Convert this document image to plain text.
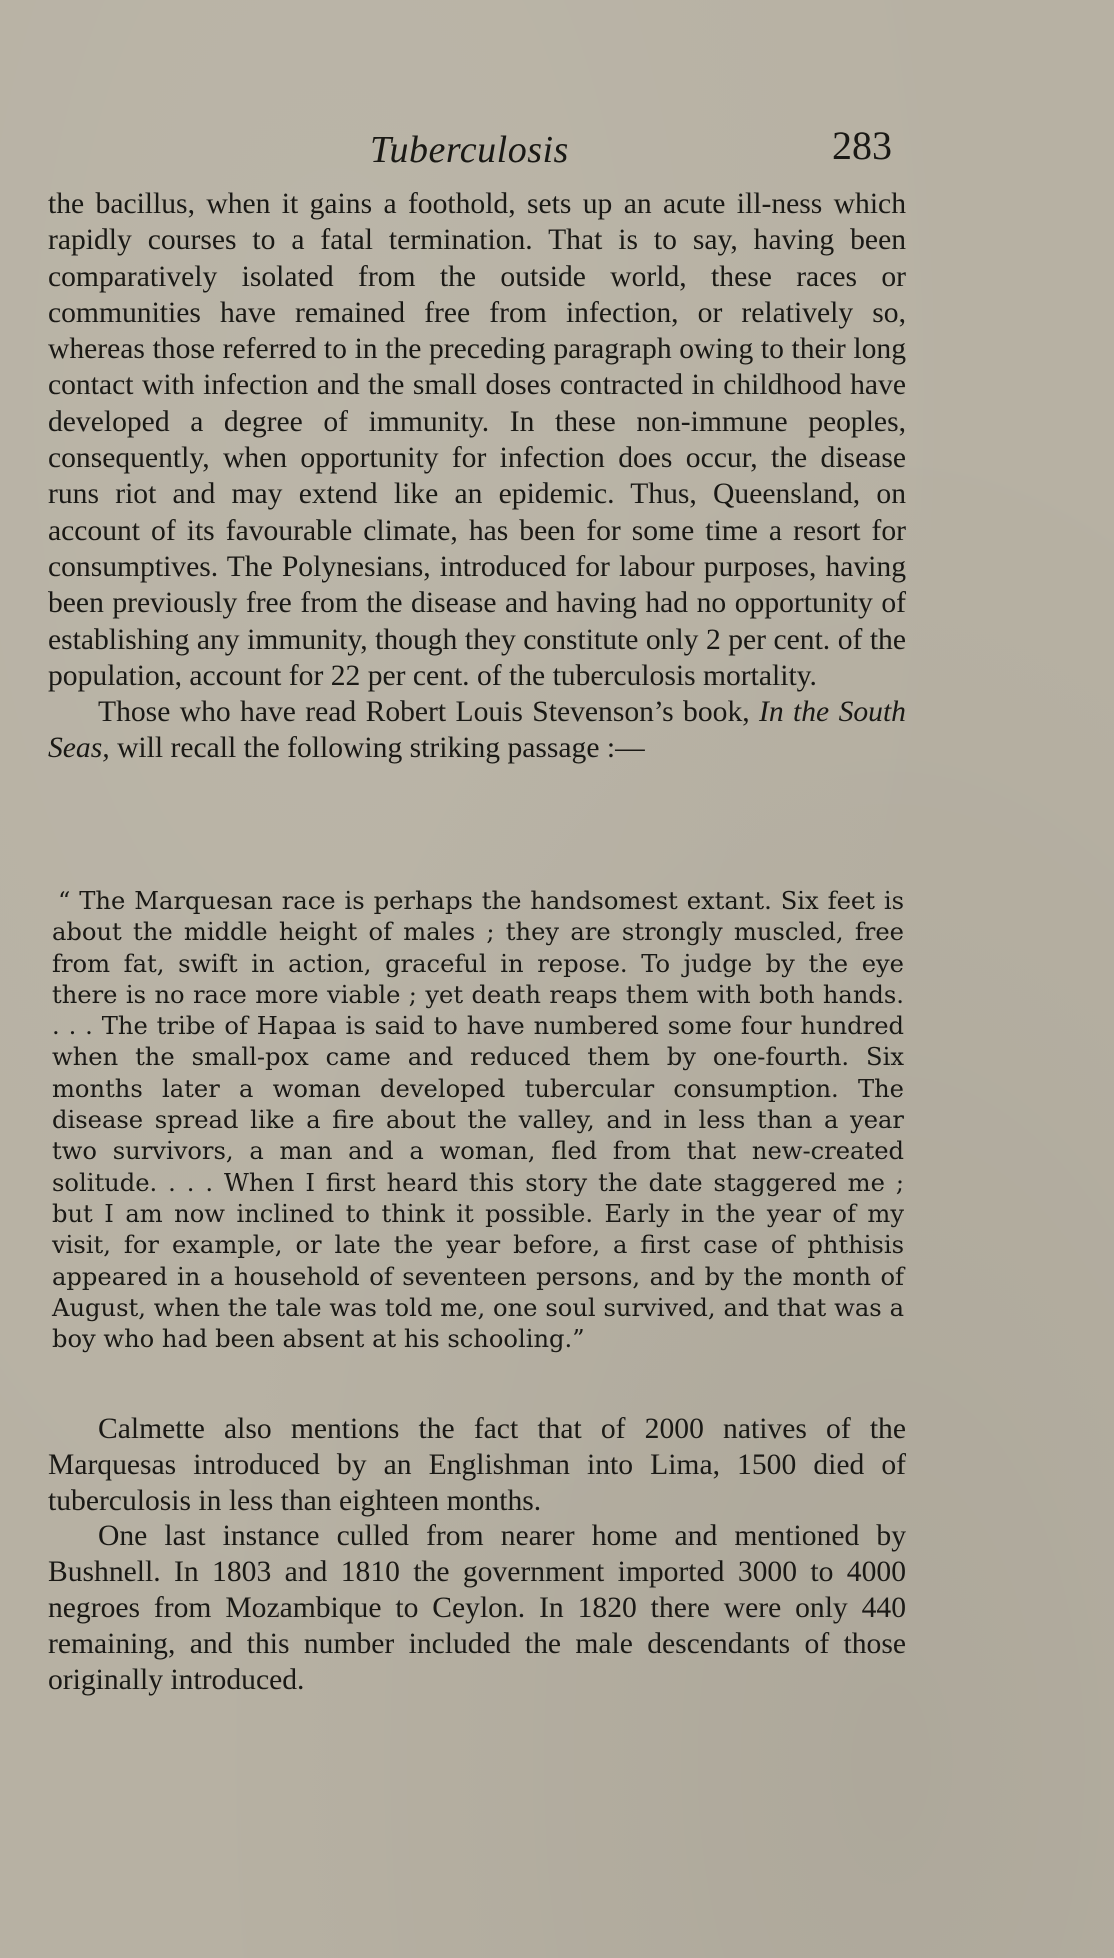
Tuberculosis	283

the bacillus, when it gains a foothold, sets up an acute ill-ness which rapidly courses to a fatal termination. That is to say, having been comparatively isolated from the outside world, these races or communities have remained free from infection, or relatively so, whereas those referred to in the preceding paragraph owing to their long contact with infection and the small doses contracted in childhood have developed a degree of immunity. In these non-immune peoples, consequently, when opportunity for infection does occur, the disease runs riot and may extend like an epidemic. Thus, Queensland, on account of its favourable climate, has been for some time a resort for consumptives. The Polynesians, introduced for labour purposes, having been previously free from the disease and having had no opportunity of establishing any immunity, though they constitute only 2 per cent. of the population, account for 22 per cent. of the tuberculosis mortality.

Those who have read Robert Louis Stevenson’s book, In the South Seas, will recall the following striking passage :—

“ The Marquesan race is perhaps the handsomest extant. Six feet is about the middle height of males ; they are strongly muscled, free from fat, swift in action, graceful in repose. To judge by the eye there is no race more viable ; yet death reaps them with both hands. . . . The tribe of Hapaa is said to have numbered some four hundred when the small-pox came and reduced them by one-fourth. Six months later a woman developed tubercular consumption. The disease spread like a fire about the valley, and in less than a year two survivors, a man and a woman, fled from that new-created solitude. . . . When I first heard this story the date staggered me ; but I am now inclined to think it possible. Early in the year of my visit, for example, or late the year before, a first case of phthisis appeared in a household of seventeen persons, and by the month of August, when the tale was told me, one soul survived, and that was a boy who had been absent at his schooling.”

Calmette also mentions the fact that of 2000 natives of the Marquesas introduced by an Englishman into Lima, 1500 died of tuberculosis in less than eighteen months.

One last instance culled from nearer home and mentioned by Bushnell. In 1803 and 1810 the government imported 3000 to 4000 negroes from Mozambique to Ceylon. In 1820 there were only 440 remaining, and this number included the male descendants of those originally introduced.
